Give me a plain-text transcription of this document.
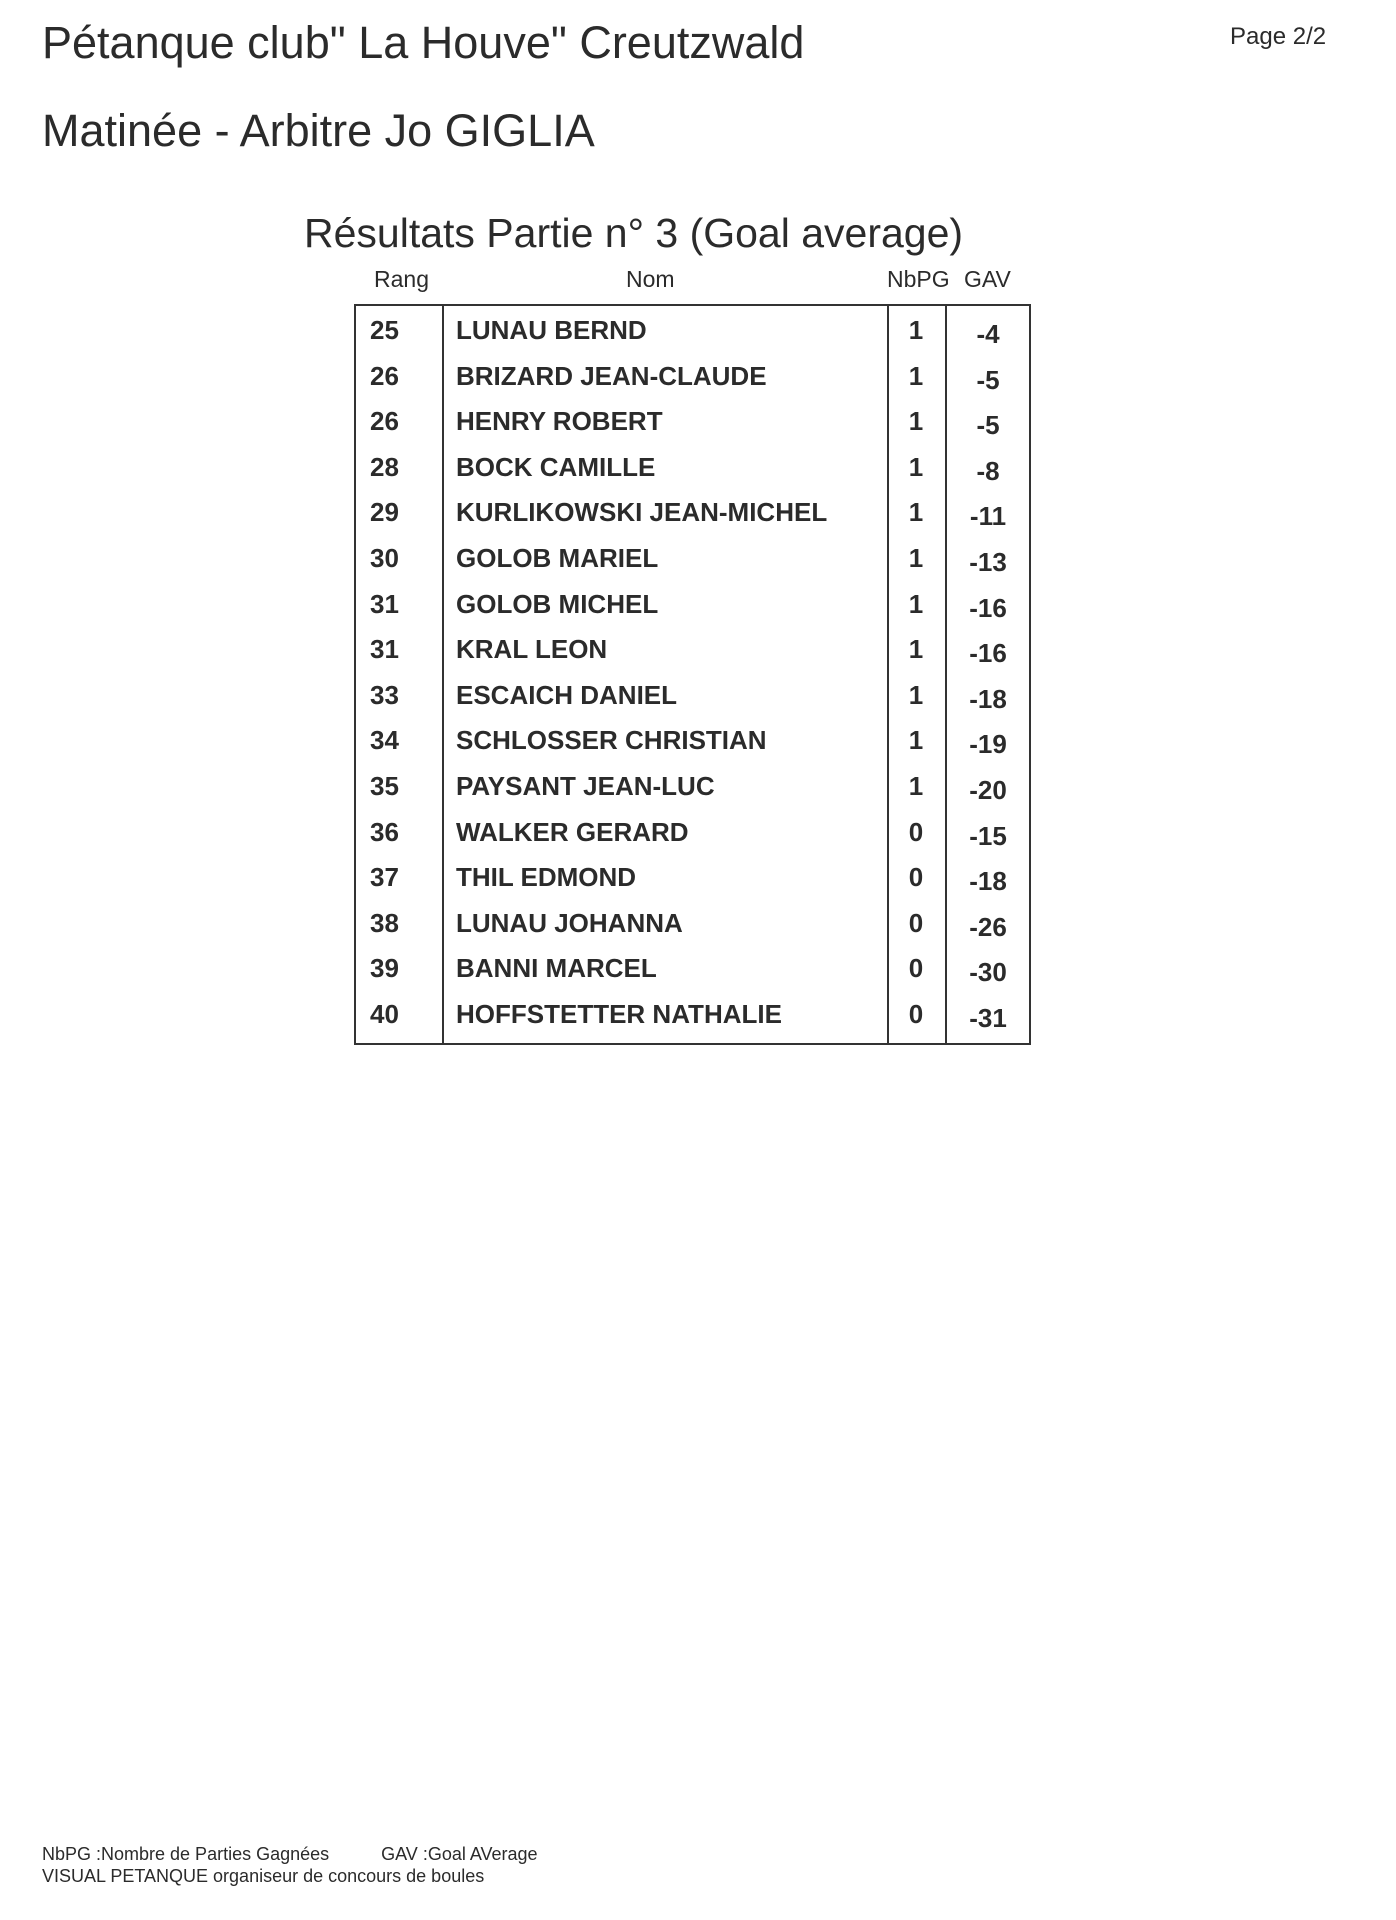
Pétanque club" La Houve" Creutzwald	Page 2/2
Matinée - Arbitre Jo GIGLIA
Résultats Partie n° 3 (Goal average)
Rang	Nom	NbPG GAV
25	LUNAU BERND	1	-4
26	BRIZARD JEAN-CLAUDE	1	-5
26	HENRY ROBERT	1	-5
28	BOCK CAMILLE	1	-8
29	KURLIKOWSKI JEAN-MICHEL	1	-11
30	GOLOB MARIEL	1	-13
31	GOLOB MICHEL	1	-16
31	KRAL LEON	1	-16
33	ESCAICH DANIEL	1	-18
34	SCHLOSSER CHRISTIAN	1	-19
35	PAYSANT JEAN-LUC	1	-20
36	WALKER GERARD	0	-15
37	THIL EDMOND	0	-18
38	LUNAU JOHANNA	0	-26
39	BANNI MARCEL	0	-30
40	HOFFSTETTER NATHALIE	0	-31
NbPG :Nombre de Parties Gagnées	GAV :Goal AVerage
VISUAL PETANQUE organiseur de concours de boules
